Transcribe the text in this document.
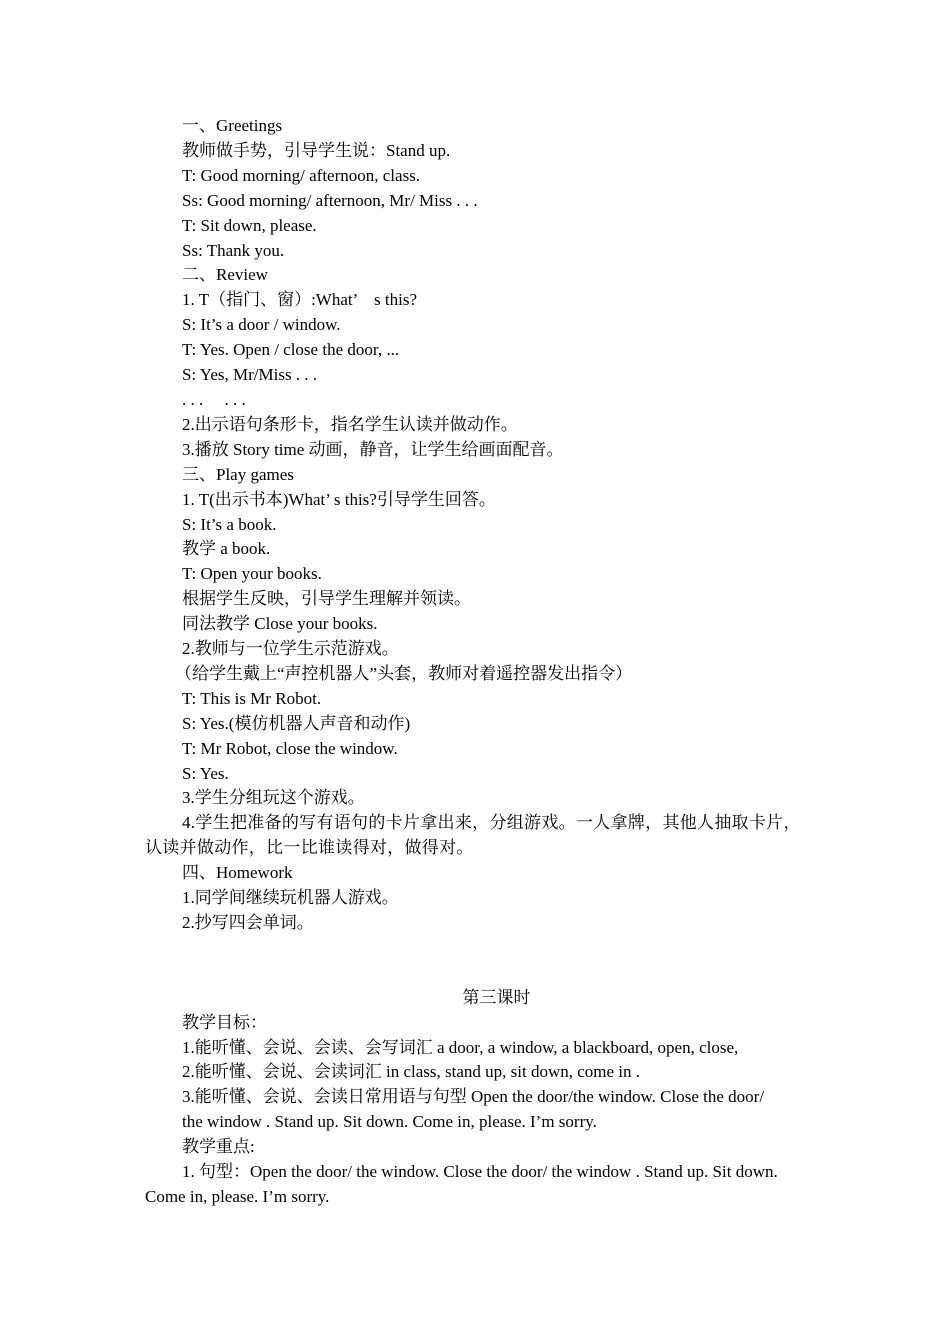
一、Greetings

教师做手势，引导学生说：Stand up.

T: Good morning/ afternoon, class.

Ss: Good morning/ afternoon, Mr/ Miss . . .

T: Sit down, please.

Ss: Thank you.

二、Review

1. T（指门、窗）:What’　s this?

S: It’s a door / window.

T: Yes. Open / close the door, ...

S: Yes, Mr/Miss . . .

. . .　 . . .

2.出示语句条形卡，指名学生认读并做动作。

3.播放 Story time 动画，静音，让学生给画面配音。

三、Play games

1. T(出示书本)What’ s this?引导学生回答。

S: It’s a book.

教学 a book.

T: Open your books.

根据学生反映，引导学生理解并领读。

同法教学 Close your books.

2.教师与一位学生示范游戏。

（给学生戴上“声控机器人”头套，教师对着遥控器发出指令）

T: This is Mr Robot.

S: Yes.(模仿机器人声音和动作)

T: Mr Robot, close the window.

S: Yes.

3.学生分组玩这个游戏。

4.学生把准备的写有语句的卡片拿出来，分组游戏。一人拿牌，其他人抽取卡片，认读并做动作，比一比谁读得对，做得对。

四、Homework

1.同学间继续玩机器人游戏。

2.抄写四会单词。

第三课时

教学目标：

1.能听懂、会说、会读、会写词汇 a door, a window, a blackboard, open, close,

2.能听懂、会说、会读词汇 in class, stand up, sit down, come in .

3.能听懂、会说、会读日常用语与句型 Open the door/the window. Close the door/ the window . Stand up. Sit down. Come in, please. I’m sorry.

教学重点:

1. 句型：Open the door/ the window. Close the door/ the window . Stand up. Sit down. Come in, please. I’m sorry.
